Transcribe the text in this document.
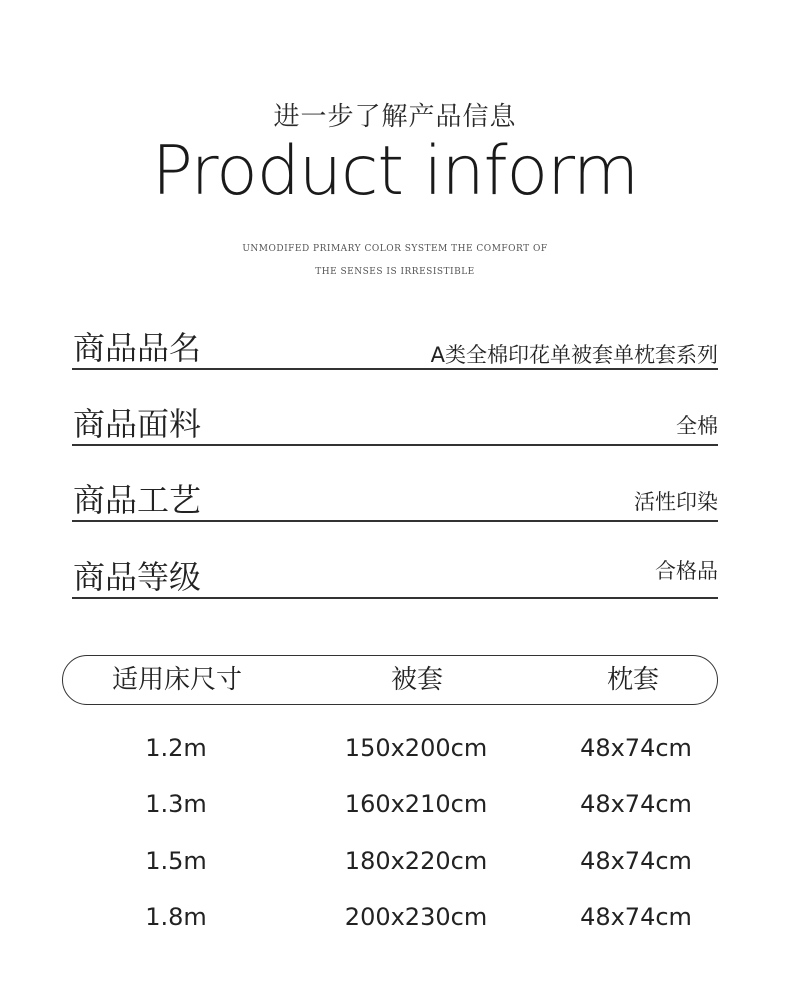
进一步了解产品信息
Product inform
UNMODIFED PRIMARY COLOR SYSTEM THE COMFORT OF
THE SENSES IS IRRESISTIBLE
商品品名	A类全棉印花单被套单枕套系列
商品面料	全棉
商品工艺	活性印染
商品等级	合格品
适用床尺寸	被套	枕套
1.2m	150x200cm	48x74cm
1.3m	160x210cm	48x74cm
1.5m	180x220cm	48x74cm
1.8m	200x230cm	48x74cm
